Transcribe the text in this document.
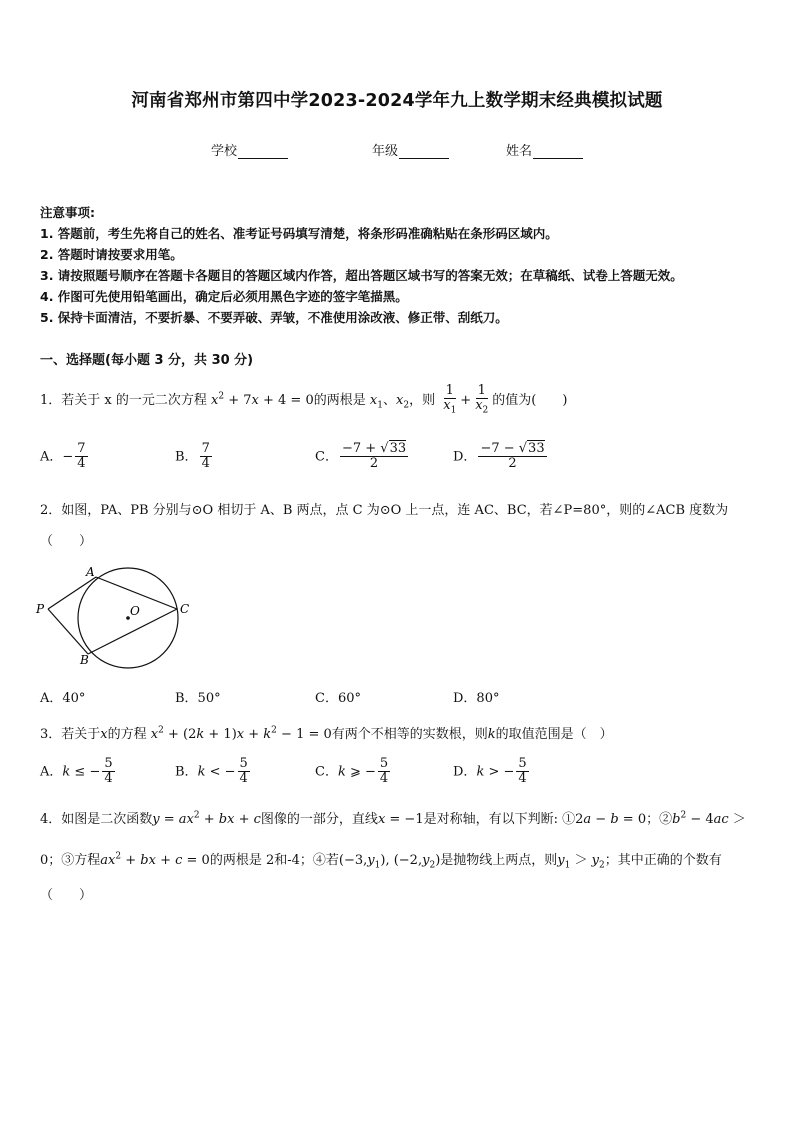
河南省郑州市第四中学2023-2024学年九上数学期末经典模拟试题
学校	年级	姓名
注意事项:
1. 答题前，考生先将自己的姓名、准考证号码填写清楚，将条形码准确粘贴在条形码区域内。
2. 答题时请按要求用笔。
3. 请按照题号顺序在答题卡各题目的答题区域内作答，超出答题区域书写的答案无效；在草稿纸、试卷上答题无效。
4. 作图可先使用铅笔画出，确定后必须用黑色字迹的签字笔描黑。
5. 保持卡面清洁，不要折暴、不要弄破、弄皱，不准使用涂改液、修正带、刮纸刀。
一、选择题(每小题 3 分，共 30 分)
1．若关于 x 的一元二次方程 $x^2 + 7x + 4 = 0$的两根是 $x_1$、$x_2$，则 $\frac{1}{x_1} + \frac{1}{x_2}$ 的值为(　　)
A．− $\frac{7}{4}$	B． $\frac{7}{4}$	C． $\frac{-7 + √33}{2}$	D． $\frac{-7 - √33}{2}$
2．如图，PA、PB 分别与⊙O 相切于 A、B 两点，点 C 为⊙O 上一点，连 AC、BC，若∠P=80°，则的∠ACB 度数为
（　　）
A
B
P	O	C
A．40°	B．50°	C．60°	D．80°
3．若关于x的方程 $x^2 + (2k + 1)x + k^2 - 1 = 0$有两个不相等的实数根，则k的取值范围是（　）
A．k ≤ − $\frac{5}{4}$	B．k < − $\frac{5}{4}$	C．k ⩾ − $\frac{5}{4}$	D．k > − $\frac{5}{4}$
4．如图是二次函数$y = ax^2$ + bx + c图像的一部分，直线x = −1是对称轴，有以下判断: ①2a − b = 0；$②b^2 - 4ac$ ＞
0；③方程$ax^2$ + bx + c = 0的两根是 2和-4；④若$(-3,y_1)$, $(-2,y_2)$是抛物线上两点，则$y_1 > y_2$；其中正确的个数有
（　　）
